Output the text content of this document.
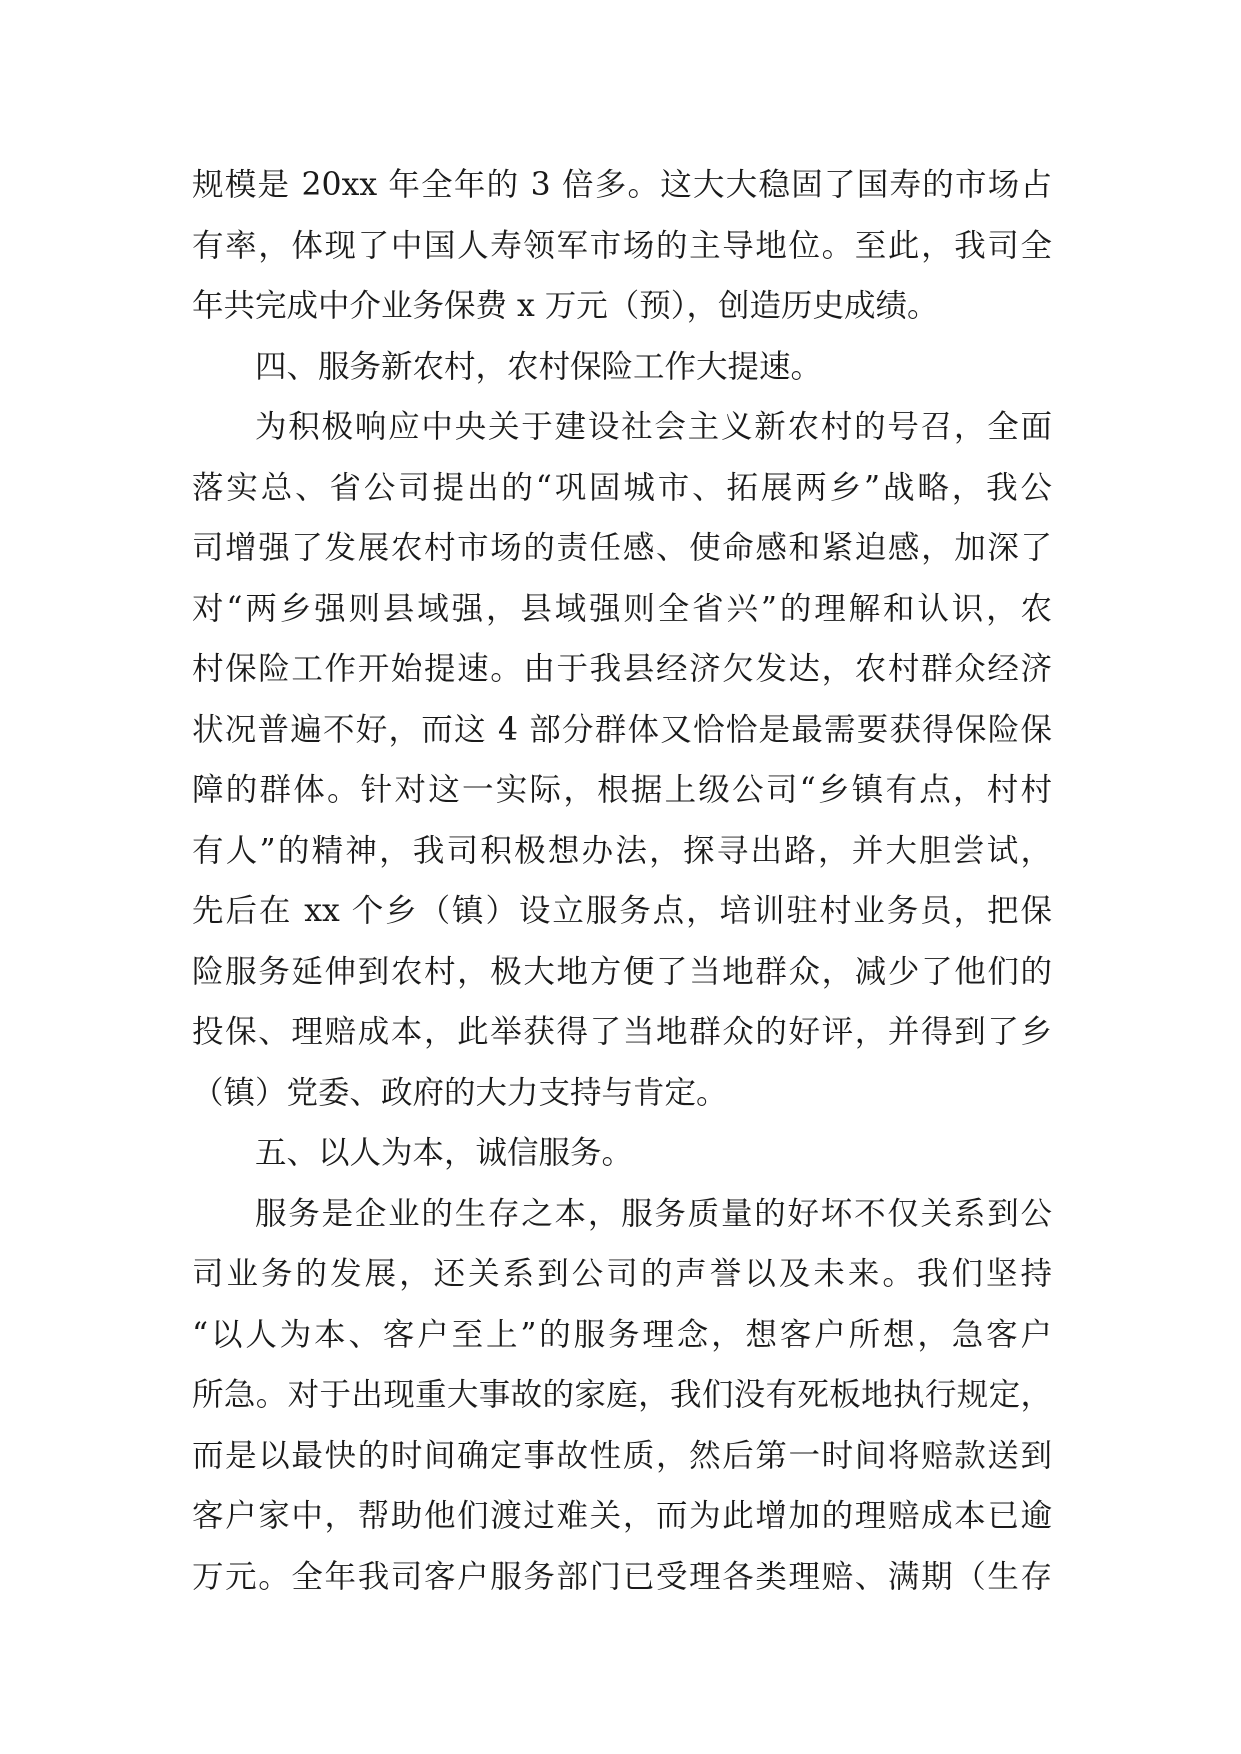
规模是 20xx 年全年的 3 倍多。这大大稳固了国寿的市场占
有率，体现了中国人寿领军市场的主导地位。至此，我司全
年共完成中介业务保费 x 万元（预），创造历史成绩。
四、服务新农村，农村保险工作大提速。
为积极响应中央关于建设社会主义新农村的号召，全面
落实总、省公司提出的“巩固城市、拓展两乡”战略，我公
司增强了发展农村市场的责任感、使命感和紧迫感，加深了
对“两乡强则县域强，县域强则全省兴”的理解和认识，农
村保险工作开始提速。由于我县经济欠发达，农村群众经济
状况普遍不好，而这 4 部分群体又恰恰是最需要获得保险保
障的群体。针对这一实际，根据上级公司“乡镇有点，村村
有人”的精神，我司积极想办法，探寻出路，并大胆尝试，
先后在 xx 个乡（镇）设立服务点，培训驻村业务员，把保
险服务延伸到农村，极大地方便了当地群众，减少了他们的
投保、理赔成本，此举获得了当地群众的好评，并得到了乡
（镇）党委、政府的大力支持与肯定。
五、以人为本，诚信服务。
服务是企业的生存之本，服务质量的好坏不仅关系到公
司业务的发展，还关系到公司的声誉以及未来。我们坚持
“以人为本、客户至上”的服务理念，想客户所想，急客户
所急。对于出现重大事故的家庭，我们没有死板地执行规定，
而是以最快的时间确定事故性质，然后第一时间将赔款送到
客户家中，帮助他们渡过难关，而为此增加的理赔成本已逾
万元。全年我司客户服务部门已受理各类理赔、满期（生存
